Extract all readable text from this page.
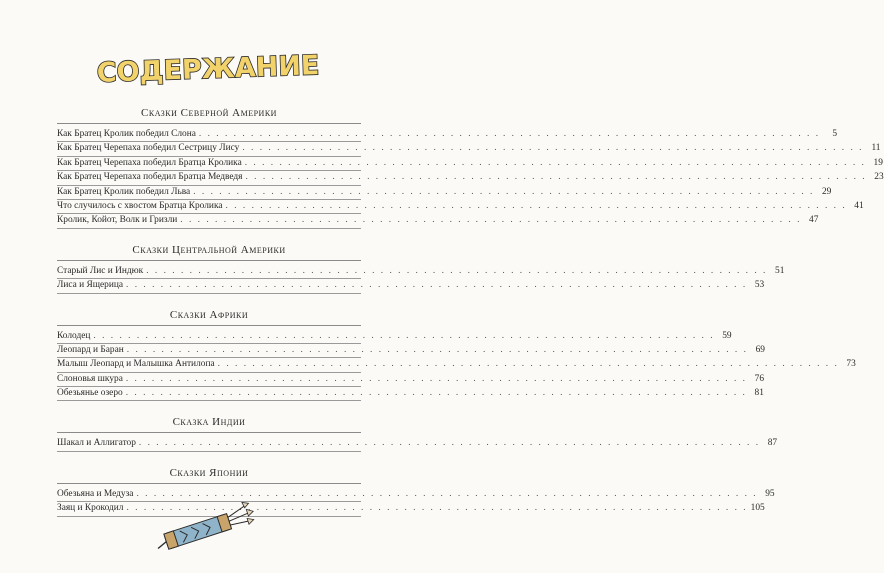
СОДЕРЖАНИЕ
Сказки Северной Америки
Как Братец Кролик победил Слона . . .	5
Как Братец Черепаха победил Сестрицу Лису . . .	11
Как Братец Черепаха победил Братца Кролика . . .	19
Как Братец Черепаха победил Братца Медведя . . .	23
Как Братец Кролик победил Льва . . .	29
Что случилось с хвостом Братца Кролика . . .	41
Кролик, Койот, Волк и Гризли . . .	47
Сказки Центральной Америки
Старый Лис и Индюк . . .	51
Лиса и Ящерица . . .	53
Сказки Африки
Колодец . . .	59
Леопард и Баран . . .	69
Малыш Леопард и Малышка Антилопа . . .	73
Слоновья шкура . . .	76
Обезьянье озеро . . .	81
Сказка Индии
Шакал и Аллигатор . . .	87
Сказки Японии
Обезьяна и Медуза . . .	95
Заяц и Крокодил . . .	105
